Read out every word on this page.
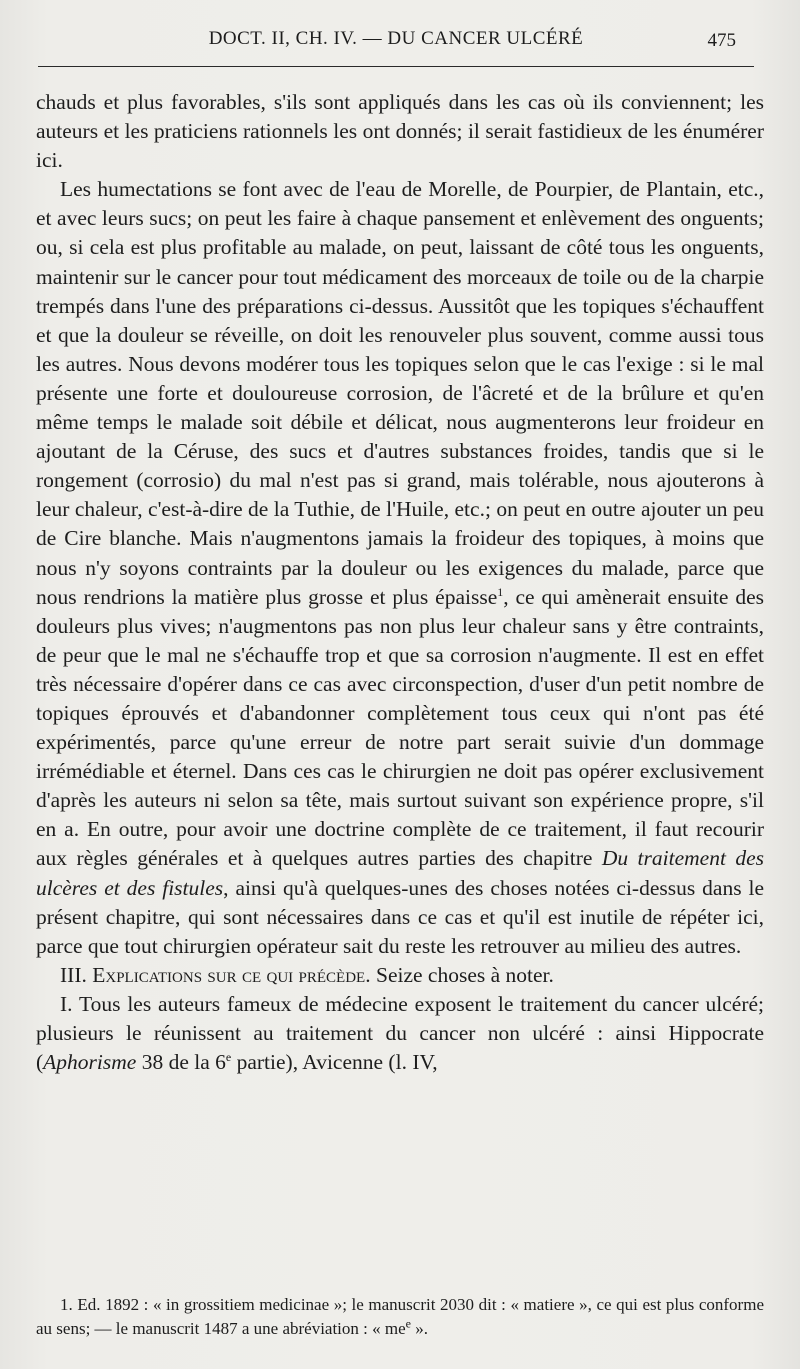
DOCT. II, CH. IV. — DU CANCER ULCÉRÉ	475

chauds et plus favorables, s'ils sont appliqués dans les cas où ils conviennent; les auteurs et les praticiens rationnels les ont donnés; il serait fastidieux de les énumérer ici.

Les humectations se font avec de l'eau de Morelle, de Pourpier, de Plantain, etc., et avec leurs sucs; on peut les faire à chaque pansement et enlèvement des onguents; ou, si cela est plus profitable au malade, on peut, laissant de côté tous les onguents, maintenir sur le cancer pour tout médicament des morceaux de toile ou de la charpie trempés dans l'une des préparations ci-dessus. Aussitôt que les topiques s'échauffent et que la douleur se réveille, on doit les renouveler plus souvent, comme aussi tous les autres. Nous devons modérer tous les topiques selon que le cas l'exige : si le mal présente une forte et douloureuse corrosion, de l'âcreté et de la brûlure et qu'en même temps le malade soit débile et délicat, nous augmenterons leur froideur en ajoutant de la Céruse, des sucs et d'autres substances froides, tandis que si le rongement (corrosio) du mal n'est pas si grand, mais tolérable, nous ajouterons à leur chaleur, c'est-à-dire de la Tuthie, de l'Huile, etc.; on peut en outre ajouter un peu de Cire blanche. Mais n'augmentons jamais la froideur des topiques, à moins que nous n'y soyons contraints par la douleur ou les exigences du malade, parce que nous rendrions la matière plus grosse et plus épaisse$^1$, ce qui amènerait ensuite des douleurs plus vives; n'augmentons pas non plus leur chaleur sans y être contraints, de peur que le mal ne s'échauffe trop et que sa corrosion n'augmente. Il est en effet très nécessaire d'opérer dans ce cas avec circonspection, d'user d'un petit nombre de topiques éprouvés et d'abandonner complètement tous ceux qui n'ont pas été expérimentés, parce qu'une erreur de notre part serait suivie d'un dommage irrémédiable et éternel. Dans ces cas le chirurgien ne doit pas opérer exclusivement d'après les auteurs ni selon sa tête, mais surtout suivant son expérience propre, s'il en a. En outre, pour avoir une doctrine complète de ce traitement, il faut recourir aux règles générales et à quelques autres parties des chapitre Du traitement des ulcères et des fistules, ainsi qu'à quelques-unes des choses notées ci-dessus dans le présent chapitre, qui sont nécessaires dans ce cas et qu'il est inutile de répéter ici, parce que tout chirurgien opérateur sait du reste les retrouver au milieu des autres.

III. Explications sur ce qui précède. Seize choses à noter.

I. Tous les auteurs fameux de médecine exposent le traitement du cancer ulcéré; plusieurs le réunissent au traitement du cancer non ulcéré : ainsi Hippocrate (Aphorisme 38 de la 6e partie), Avicenne (l. IV,

1. Ed. 1892 : « in grossitiem medicinae »; le manuscrit 2030 dit : « matiere », ce qui est plus conforme au sens; — le manuscrit 1487 a une abréviation : « $me^e$ ».
